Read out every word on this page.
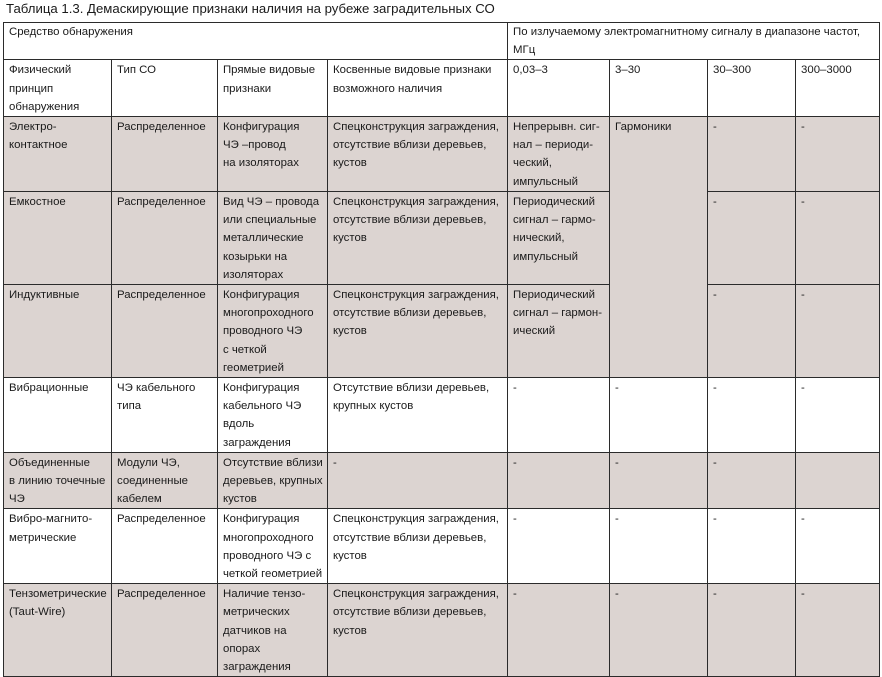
Таблица 1.3. Демаскирующие признаки наличия на рубеже заградительных СО
Средство обнаружения				По излучаемому электромагнитному сигналу в диапазоне частот, МГц			
Физический
принцип
обнаружения	Тип СО	Прямые видовые
признаки	Косвенные видовые признаки
возможного наличия	0,03–3	3–30	30–300	300–3000
Электро-
контактное	Распределенное	Конфигурация
ЧЭ –провод
на изоляторах	Спецконструкция заграждения,
отсутствие вблизи деревьев,
кустов	Непрерывн. сиг-
нал – периоди-
ческий,
импульсный	Гармоники	-	-
Емкостное	Распределенное	Вид ЧЭ – провода
или специальные
металлические
козырьки на
изоляторах	Спецконструкция заграждения,
отсутствие вблизи деревьев,
кустов	Периодический
сигнал – гармо-
нический,
импульсный		-	-
Индуктивные	Распределенное	Конфигурация
многопроходного
проводного ЧЭ
с четкой геометрией	Спецконструкция заграждения,
отсутствие вблизи деревьев,
кустов	Периодический
сигнал – гармон-
ический		-	-
Вибрационные	ЧЭ кабельного
типа	Конфигурация
кабельного ЧЭ
вдоль заграждения	Отсутствие вблизи деревьев,
крупных кустов	-	-	-	-
Объединенные
в линию точечные
ЧЭ	Модули ЧЭ,
соединенные
кабелем	Отсутствие вблизи
деревьев, крупных
кустов	-	-	-	-	
Вибро-магнито-
метрические	Распределенное	Конфигурация
многопроходного
проводного ЧЭ с
четкой геометрией	Спецконструкция заграждения,
отсутствие вблизи деревьев,
кустов	-	-	-	-
Тензометрические
(Taut-Wire)	Распределенное	Наличие тензо-
метрических
датчиков на опорах
заграждения	Спецконструкция заграждения,
отсутствие вблизи деревьев,
кустов	-	-	-	-
